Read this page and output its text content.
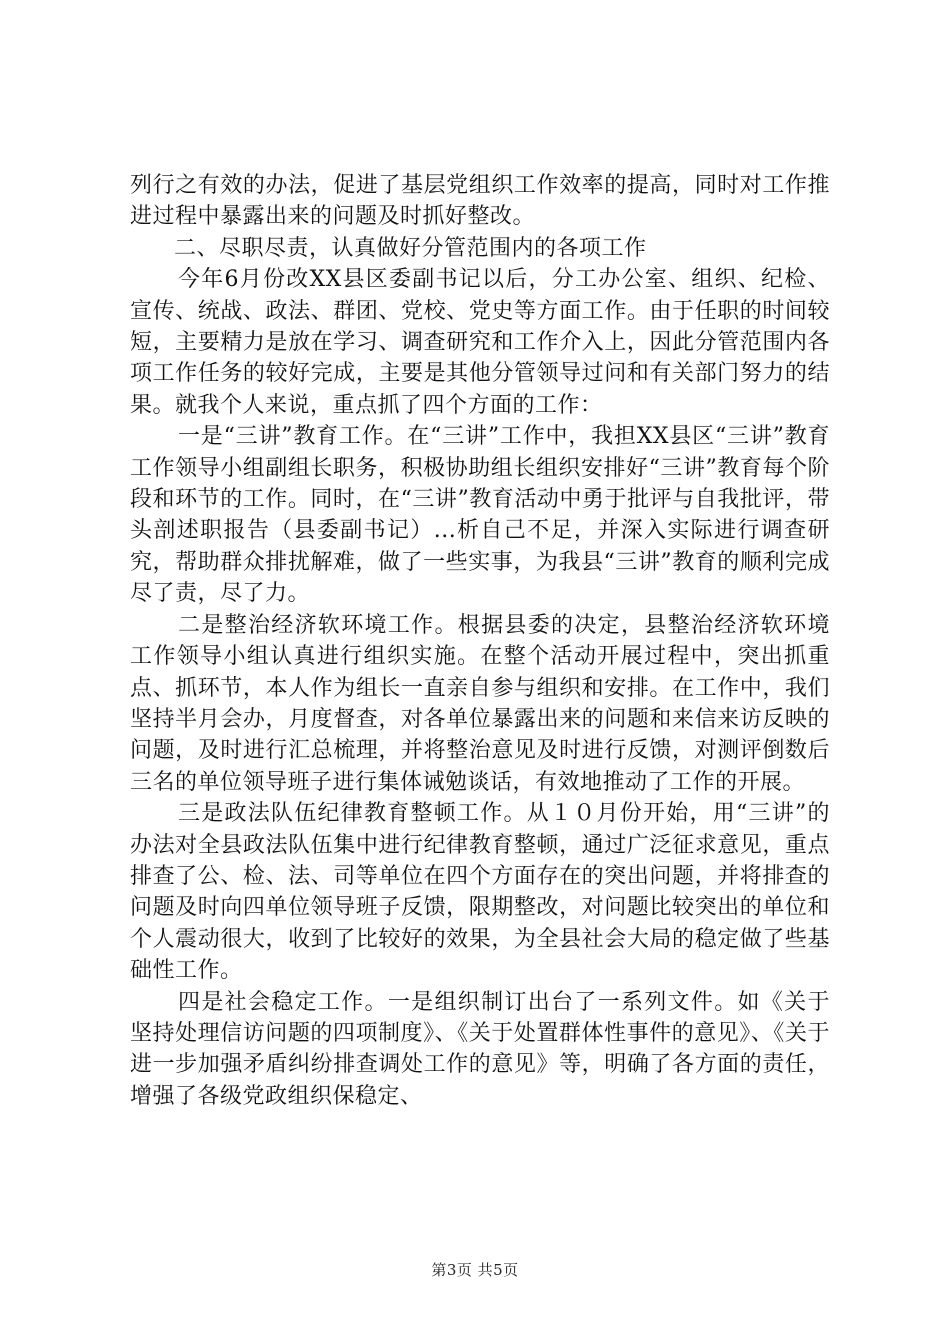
列行之有效的办法，促进了基层党组织工作效率的提高，同时对工作推进过程中暴露出来的问题及时抓好整改。

二、尽职尽责，认真做好分管范围内的各项工作

今年6月份改XX县区委副书记以后，分工办公室、组织、纪检、宣传、统战、政法、群团、党校、党史等方面工作。由于任职的时间较短，主要精力是放在学习、调查研究和工作介入上，因此分管范围内各项工作任务的较好完成，主要是其他分管领导过问和有关部门努力的结果。就我个人来说，重点抓了四个方面的工作：

一是“三讲”教育工作。在“三讲”工作中，我担XX县区“三讲”教育工作领导小组副组长职务，积极协助组长组织安排好“三讲”教育每个阶段和环节的工作。同时，在“三讲”教育活动中勇于批评与自我批评，带头剖述职报告（县委副书记）...析自己不足，并深入实际进行调查研究，帮助群众排扰解难，做了一些实事，为我县“三讲”教育的顺利完成尽了责，尽了力。

二是整治经济软环境工作。根据县委的决定，县整治经济软环境工作领导小组认真进行组织实施。在整个活动开展过程中，突出抓重点、抓环节，本人作为组长一直亲自参与组织和安排。在工作中，我们坚持半月会办，月度督查，对各单位暴露出来的问题和来信来访反映的问题，及时进行汇总梳理，并将整治意见及时进行反馈，对测评倒数后三名的单位领导班子进行集体诫勉谈话，有效地推动了工作的开展。

三是政法队伍纪律教育整顿工作。从１０月份开始，用“三讲”的办法对全县政法队伍集中进行纪律教育整顿，通过广泛征求意见，重点排查了公、检、法、司等单位在四个方面存在的突出问题，并将排查的问题及时向四单位领导班子反馈，限期整改，对问题比较突出的单位和个人震动很大，收到了比较好的效果，为全县社会大局的稳定做了些基础性工作。

四是社会稳定工作。一是组织制订出台了一系列文件。如《关于坚持处理信访问题的四项制度》、《关于处置群体性事件的意见》、《关于进一步加强矛盾纠纷排查调处工作的意见》等，明确了各方面的责任，增强了各级党政组织保稳定、

第3页 共5页
